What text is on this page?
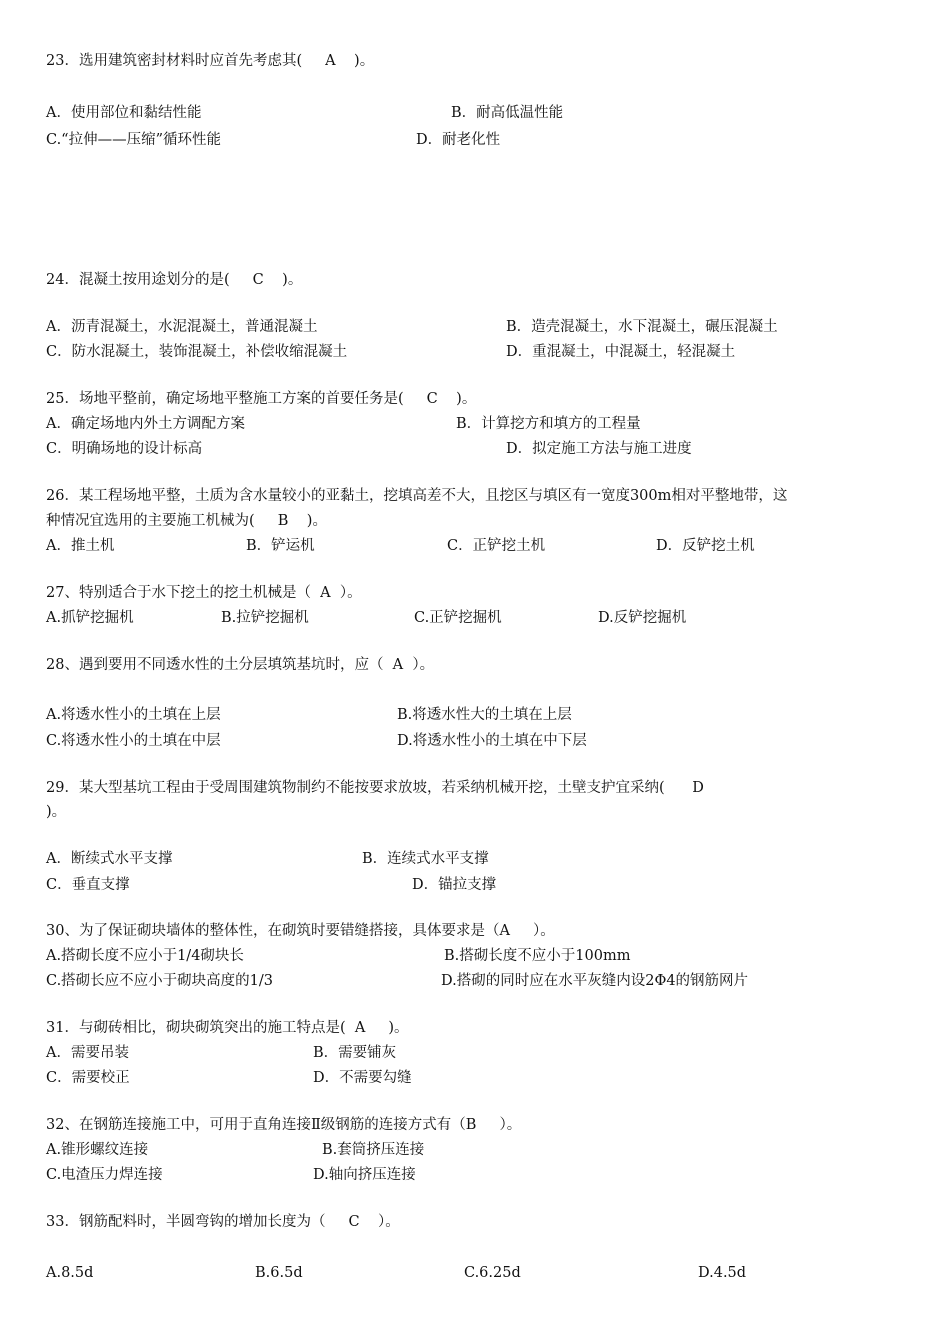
23．选用建筑密封材料时应首先考虑其(     A    )。
A．使用部位和黏结性能	B．耐高低温性能
C.“拉伸——压缩”循环性能	D．耐老化性
24．混凝土按用途划分的是(     C    )。
A．沥青混凝土，水泥混凝土，普通混凝土	B．造壳混凝土，水下混凝土，碾压混凝土
C．防水混凝土，装饰混凝土，补偿收缩混凝土	D．重混凝土，中混凝土，轻混凝土
25．场地平整前，确定场地平整施工方案的首要任务是(     C    )。
A．确定场地内外土方调配方案	B．计算挖方和填方的工程量
C．明确场地的设计标高	D．拟定施工方法与施工进度
26．某工程场地平整，土质为含水量较小的亚黏土，挖填高差不大，且挖区与填区有一宽度300m相对平整地带，这
种情况宜选用的主要施工机械为(     B    )。
A．推土机	B．铲运机	C．正铲挖土机	D．反铲挖土机
27、特别适合于水下挖土的挖土机械是（  A  ）。
A.抓铲挖掘机	B.拉铲挖掘机	C.正铲挖掘机	D.反铲挖掘机
28、遇到要用不同透水性的土分层填筑基坑时，应（  A  ）。
A.将透水性小的土填在上层	B.将透水性大的土填在上层
C.将透水性小的土填在中层	D.将透水性小的土填在中下层
29．某大型基坑工程由于受周围建筑物制约不能按要求放坡，若采纳机械开挖，土壁支护宜采纳(      D
)。
A．断续式水平支撑	B．连续式水平支撑
C．垂直支撑	D．锚拉支撑
30、为了保证砌块墙体的整体性，在砌筑时要错缝搭接，具体要求是（A     ）。
A.搭砌长度不应小于1/4砌块长	B.搭砌长度不应小于100mm
C.搭砌长应不应小于砌块高度的1/3	D.搭砌的同时应在水平灰缝内设2Φ4的钢筋网片
31．与砌砖相比，砌块砌筑突出的施工特点是(  A     )。
A．需要吊装	B．需要铺灰
C．需要校正	D．不需要勾缝
32、在钢筋连接施工中，可用于直角连接Ⅱ级钢筋的连接方式有（B     ）。
A.锥形螺纹连接	B.套筒挤压连接
C.电渣压力焊连接	D.轴向挤压连接
33．钢筋配料时，半圆弯钩的增加长度为（     C    ）。
A.8.5d	B.6.5d	C.6.25d	D.4.5d
